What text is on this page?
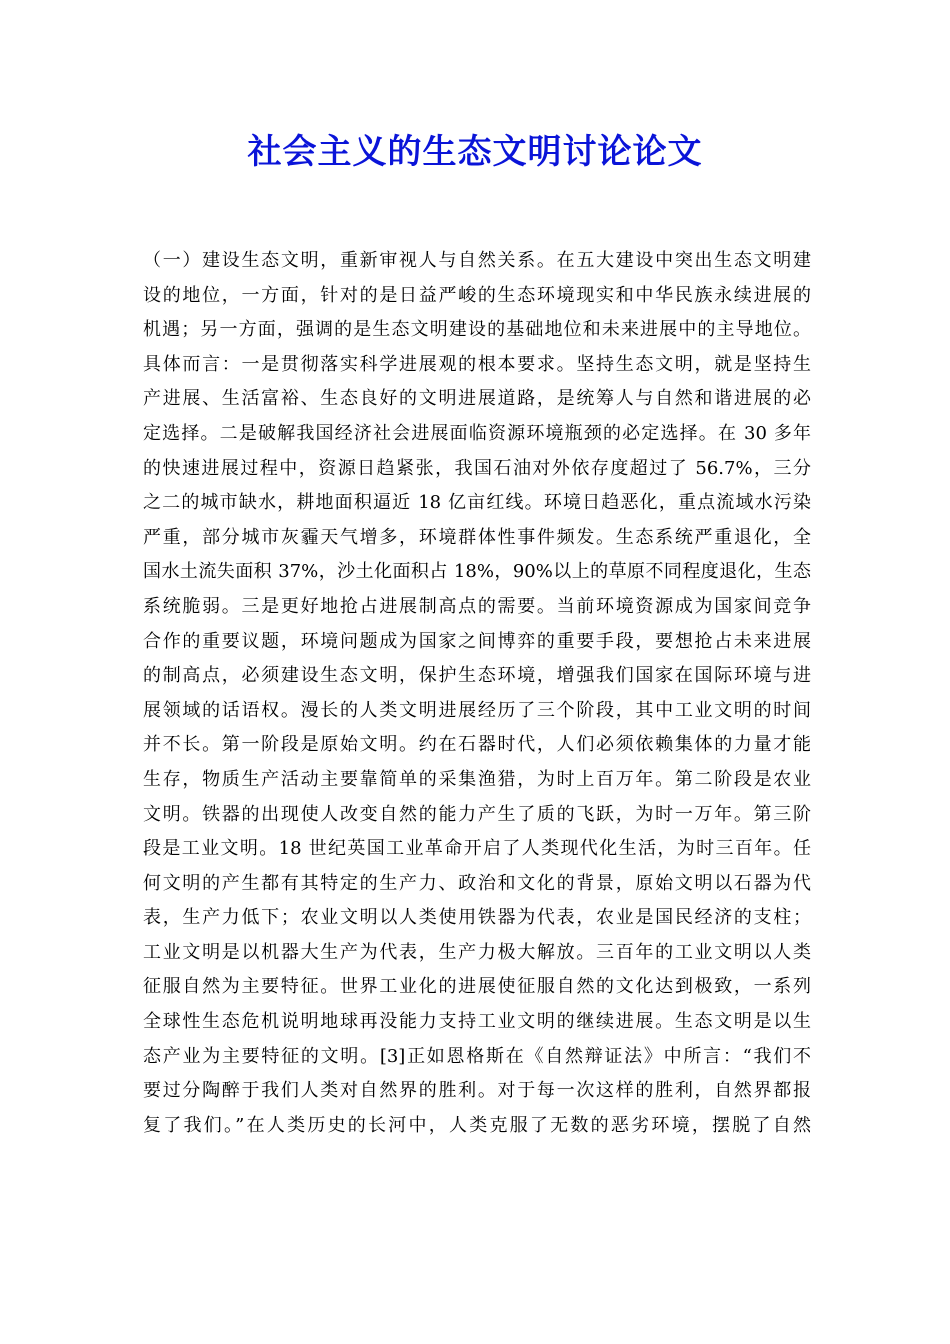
社会主义的生态文明讨论论文
（一）建设生态文明，重新审视人与自然关系。在五大建设中突出生态文明建
设的地位，一方面，针对的是日益严峻的生态环境现实和中华民族永续进展的
机遇；另一方面，强调的是生态文明建设的基础地位和未来进展中的主导地位。
具体而言：一是贯彻落实科学进展观的根本要求。坚持生态文明，就是坚持生
产进展、生活富裕、生态良好的文明进展道路，是统筹人与自然和谐进展的必
定选择。二是破解我国经济社会进展面临资源环境瓶颈的必定选择。在 30 多年
的快速进展过程中，资源日趋紧张，我国石油对外依存度超过了 56.7%，三分
之二的城市缺水，耕地面积逼近 18 亿亩红线。环境日趋恶化，重点流域水污染
严重，部分城市灰霾天气增多，环境群体性事件频发。生态系统严重退化，全
国水土流失面积 37%，沙土化面积占 18%，90%以上的草原不同程度退化，生态
系统脆弱。三是更好地抢占进展制高点的需要。当前环境资源成为国家间竞争
合作的重要议题，环境问题成为国家之间博弈的重要手段，要想抢占未来进展
的制高点，必须建设生态文明，保护生态环境，增强我们国家在国际环境与进
展领域的话语权。漫长的人类文明进展经历了三个阶段，其中工业文明的时间
并不长。第一阶段是原始文明。约在石器时代，人们必须依赖集体的力量才能
生存，物质生产活动主要靠简单的采集渔猎，为时上百万年。第二阶段是农业
文明。铁器的出现使人改变自然的能力产生了质的飞跃，为时一万年。第三阶
段是工业文明。18 世纪英国工业革命开启了人类现代化生活，为时三百年。任
何文明的产生都有其特定的生产力、政治和文化的背景，原始文明以石器为代
表，生产力低下；农业文明以人类使用铁器为代表，农业是国民经济的支柱；
工业文明是以机器大生产为代表，生产力极大解放。三百年的工业文明以人类
征服自然为主要特征。世界工业化的进展使征服自然的文化达到极致，一系列
全球性生态危机说明地球再没能力支持工业文明的继续进展。生态文明是以生
态产业为主要特征的文明。[3]正如恩格斯在《自然辩证法》中所言：“我们不
要过分陶醉于我们人类对自然界的胜利。对于每一次这样的胜利，自然界都报
复了我们。”在人类历史的长河中，人类克服了无数的恶劣环境，摆脱了自然
